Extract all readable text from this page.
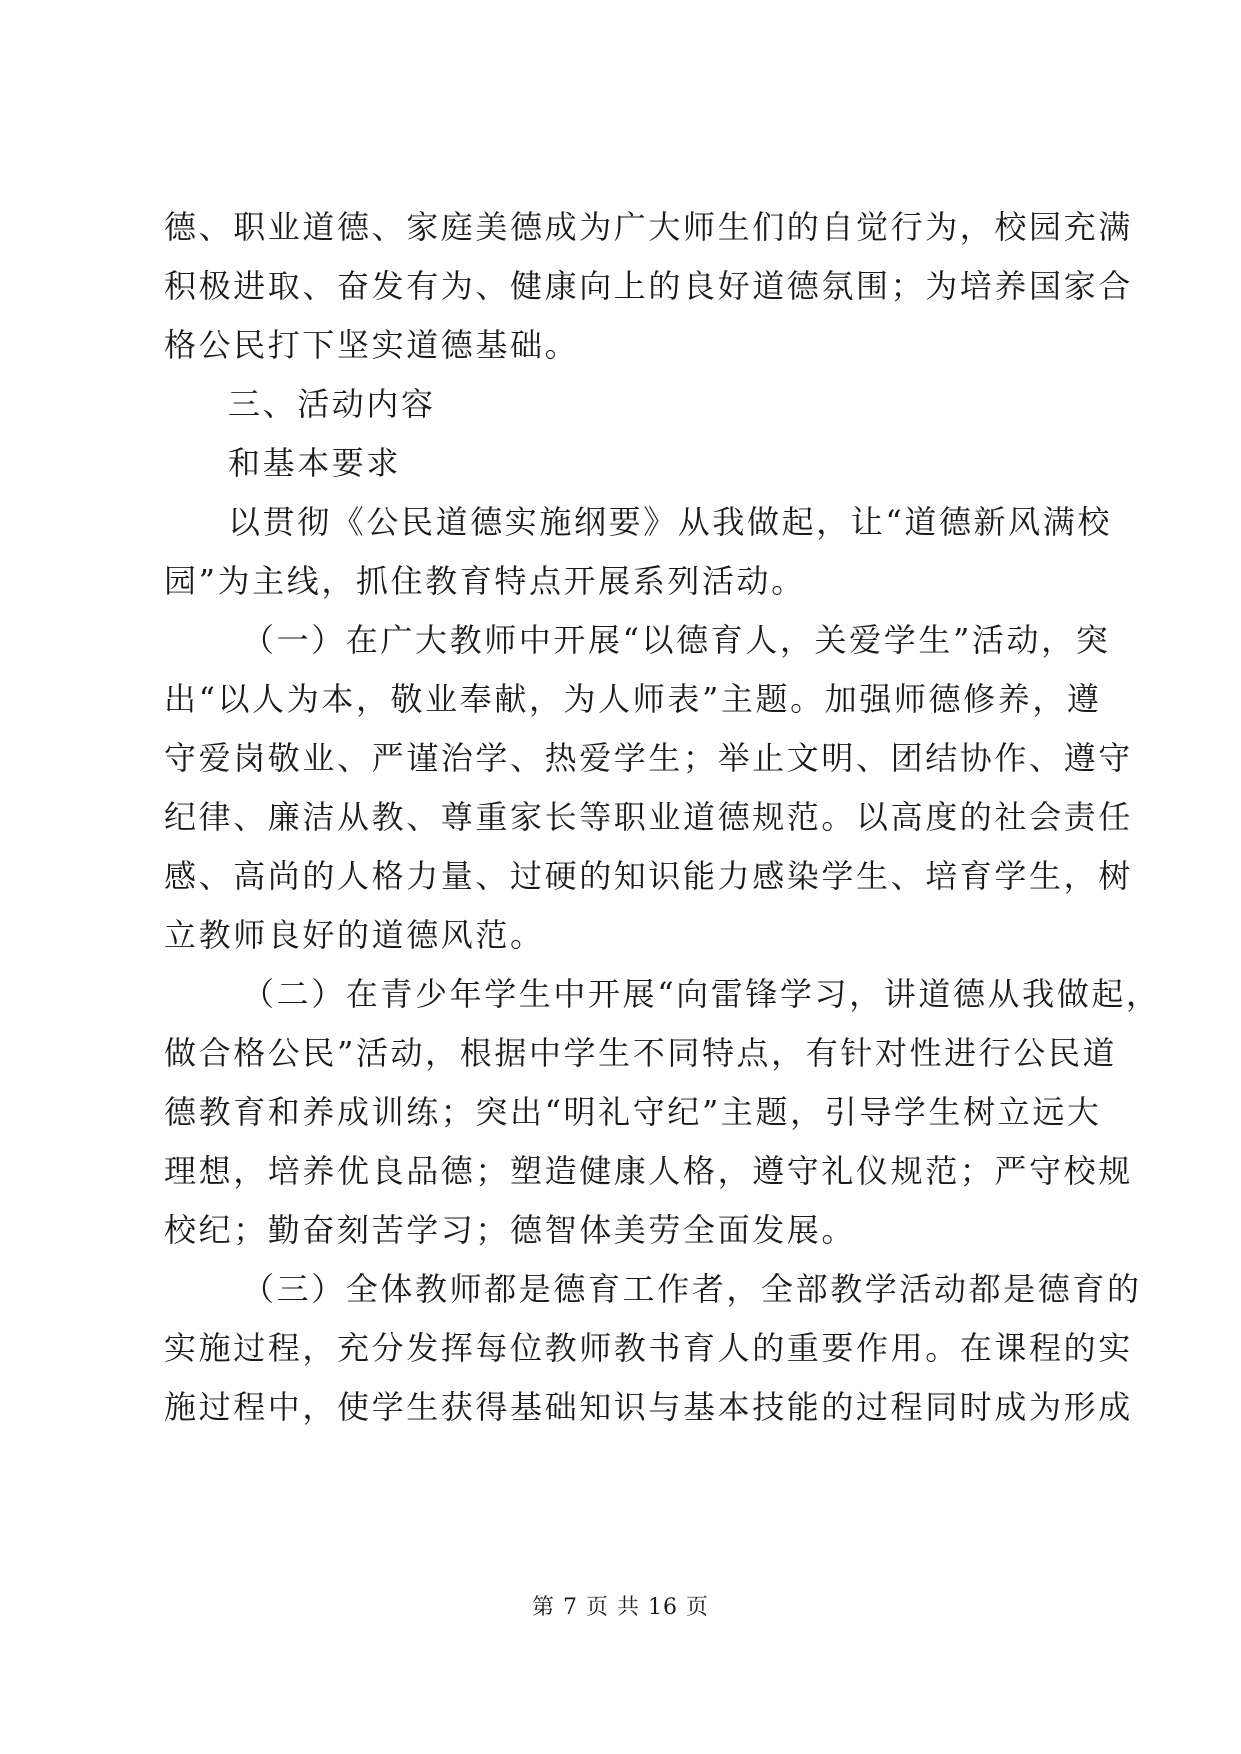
德、职业道德、家庭美德成为广大师生们的自觉行为，校园充满
积极进取、奋发有为、健康向上的良好道德氛围；为培养国家合
格公民打下坚实道德基础。
三、活动内容
和基本要求
以贯彻《公民道德实施纲要》从我做起，让“道德新风满校
园”为主线，抓住教育特点开展系列活动。
（一）在广大教师中开展“以德育人，关爱学生”活动，突
出“以人为本，敬业奉献，为人师表”主题。加强师德修养，遵
守爱岗敬业、严谨治学、热爱学生；举止文明、团结协作、遵守
纪律、廉洁从教、尊重家长等职业道德规范。以高度的社会责任
感、高尚的人格力量、过硬的知识能力感染学生、培育学生，树
立教师良好的道德风范。
（二）在青少年学生中开展“向雷锋学习，讲道德从我做起，
做合格公民”活动，根据中学生不同特点，有针对性进行公民道
德教育和养成训练；突出“明礼守纪”主题，引导学生树立远大
理想，培养优良品德；塑造健康人格，遵守礼仪规范；严守校规
校纪；勤奋刻苦学习；德智体美劳全面发展。
（三）全体教师都是德育工作者，全部教学活动都是德育的
实施过程，充分发挥每位教师教书育人的重要作用。在课程的实
施过程中，使学生获得基础知识与基本技能的过程同时成为形成
第 7 页 共 16 页
